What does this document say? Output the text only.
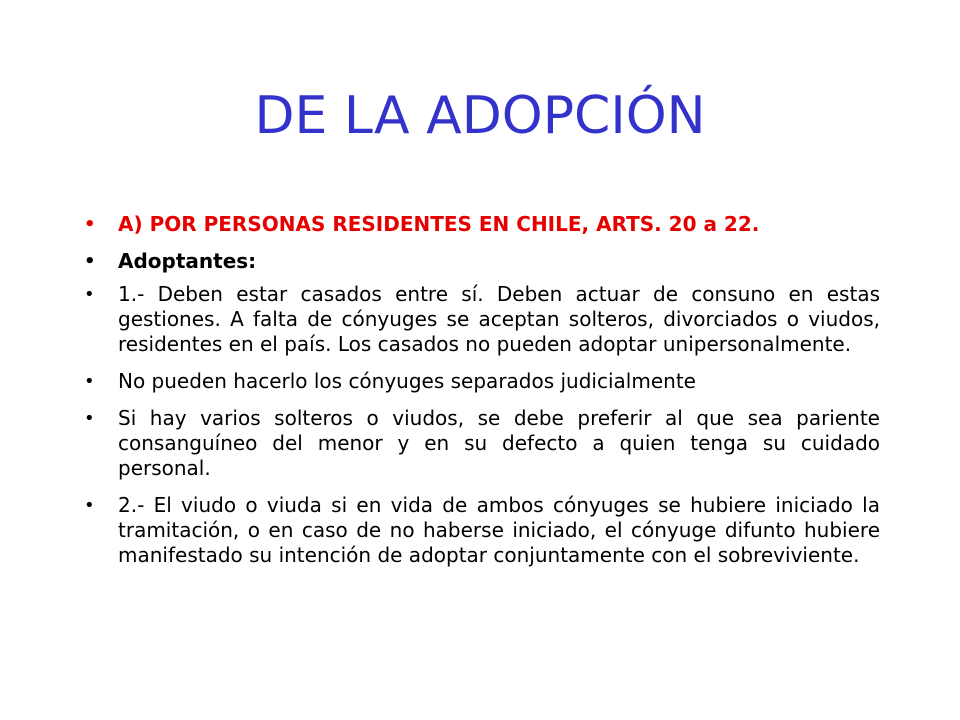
DE LA ADOPCIÓN
• A) POR PERSONAS RESIDENTES EN CHILE, ARTS. 20 a 22.
• Adoptantes:
• 1.- Deben estar casados entre sí. Deben actuar de consuno en estas gestiones. A falta de cónyuges se aceptan solteros, divorciados o viudos, residentes en el país. Los casados no pueden adoptar unipersonalmente.
• No pueden hacerlo los cónyuges separados judicialmente
• Si hay varios solteros o viudos, se debe preferir al que sea pariente consanguíneo del menor y en su defecto a quien tenga su cuidado personal.
• 2.- El viudo o viuda si en vida de ambos cónyuges se hubiere iniciado la tramitación, o en caso de no haberse iniciado, el cónyuge difunto hubiere manifestado su intención de adoptar conjuntamente con el sobreviviente.
